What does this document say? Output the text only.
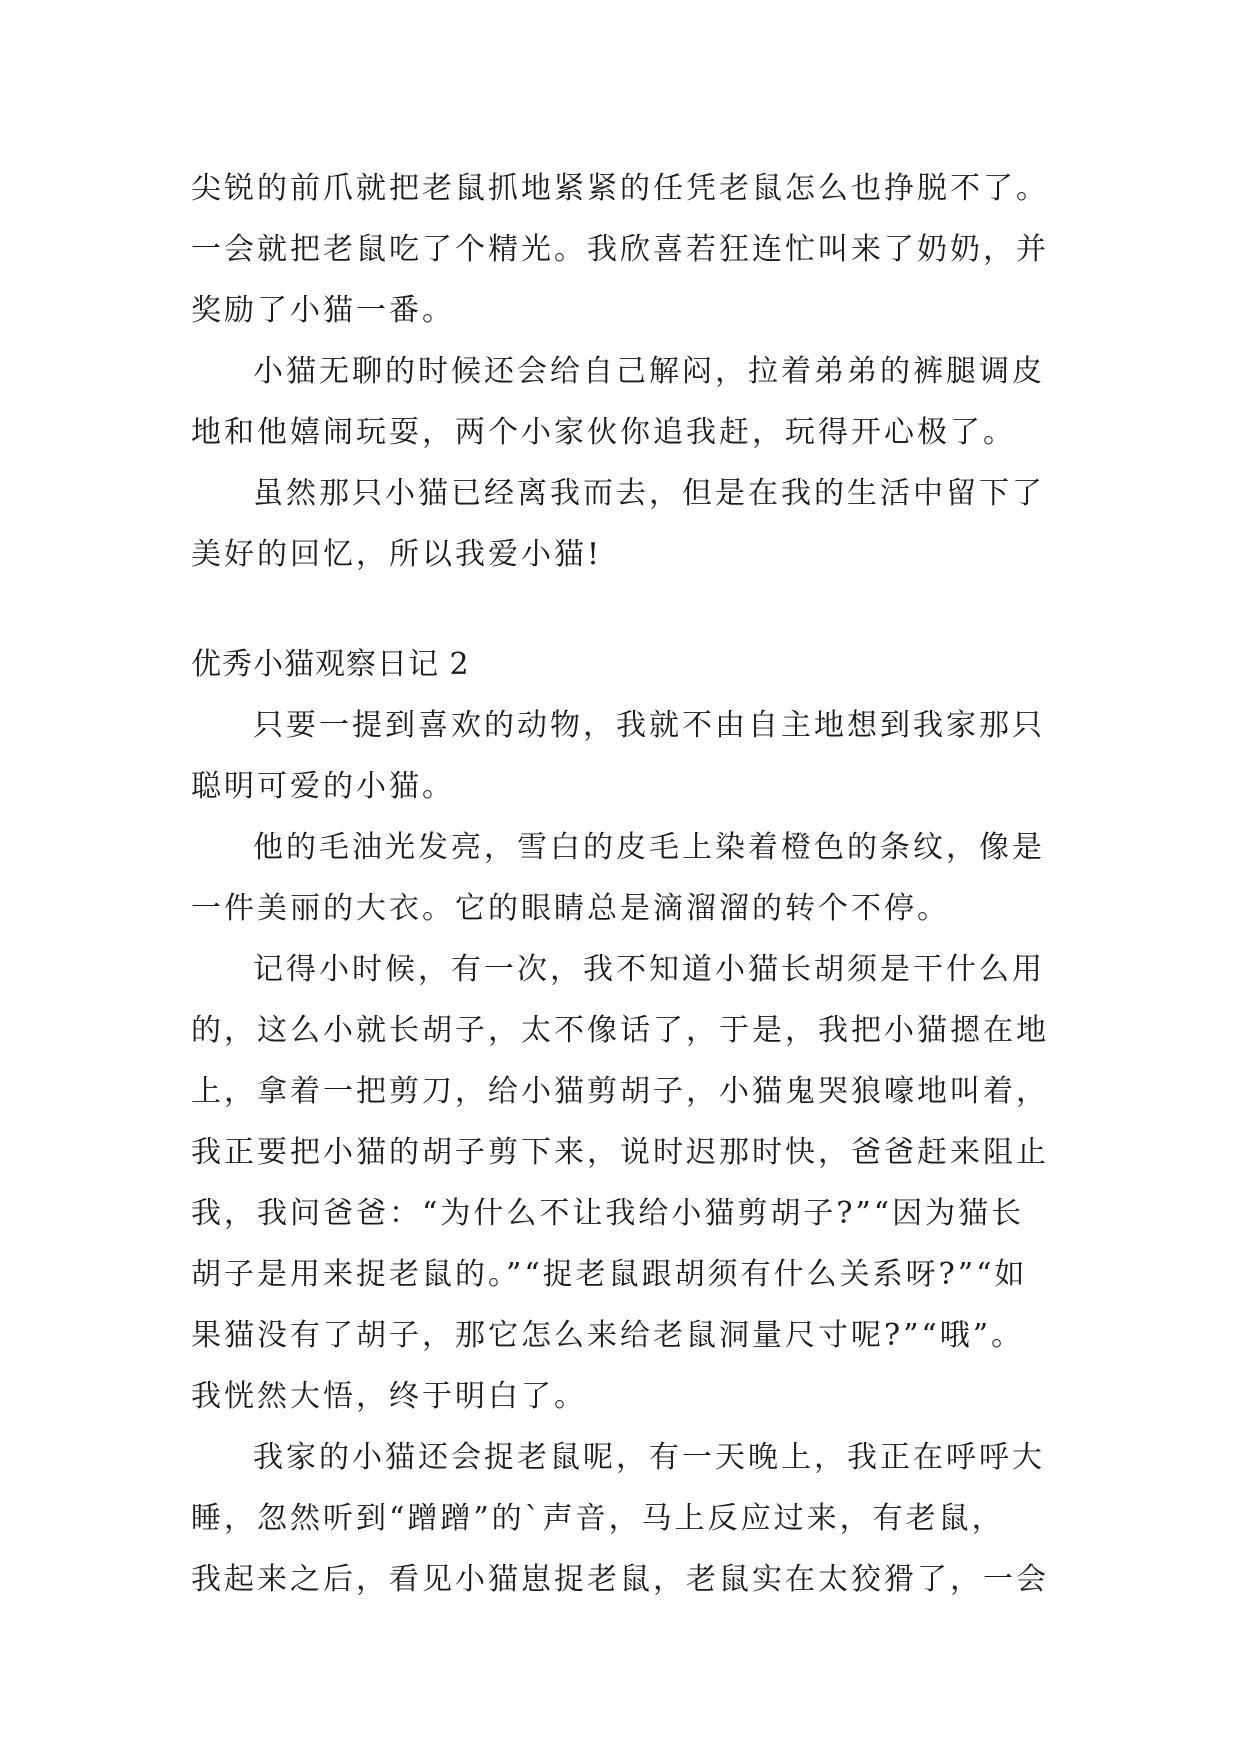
尖锐的前爪就把老鼠抓地紧紧的任凭老鼠怎么也挣脱不了。
一会就把老鼠吃了个精光。我欣喜若狂连忙叫来了奶奶，并
奖励了小猫一番。
小猫无聊的时候还会给自己解闷，拉着弟弟的裤腿调皮
地和他嬉闹玩耍，两个小家伙你追我赶，玩得开心极了。
虽然那只小猫已经离我而去，但是在我的生活中留下了
美好的回忆，所以我爱小猫!
优秀小猫观察日记 2
只要一提到喜欢的动物，我就不由自主地想到我家那只
聪明可爱的小猫。
他的毛油光发亮，雪白的皮毛上染着橙色的条纹，像是
一件美丽的大衣。它的眼睛总是滴溜溜的转个不停。
记得小时候，有一次，我不知道小猫长胡须是干什么用
的，这么小就长胡子，太不像话了，于是，我把小猫摁在地
上，拿着一把剪刀，给小猫剪胡子，小猫鬼哭狼嚎地叫着，
我正要把小猫的胡子剪下来，说时迟那时快，爸爸赶来阻止
我，我问爸爸：“为什么不让我给小猫剪胡子?”“因为猫长
胡子是用来捉老鼠的。”“捉老鼠跟胡须有什么关系呀?”“如
果猫没有了胡子，那它怎么来给老鼠洞量尺寸呢?”“哦”。
我恍然大悟，终于明白了。
我家的小猫还会捉老鼠呢，有一天晚上，我正在呼呼大
睡，忽然听到“蹭蹭”的`声音，马上反应过来，有老鼠，
我起来之后，看见小猫崽捉老鼠，老鼠实在太狡猾了，一会
